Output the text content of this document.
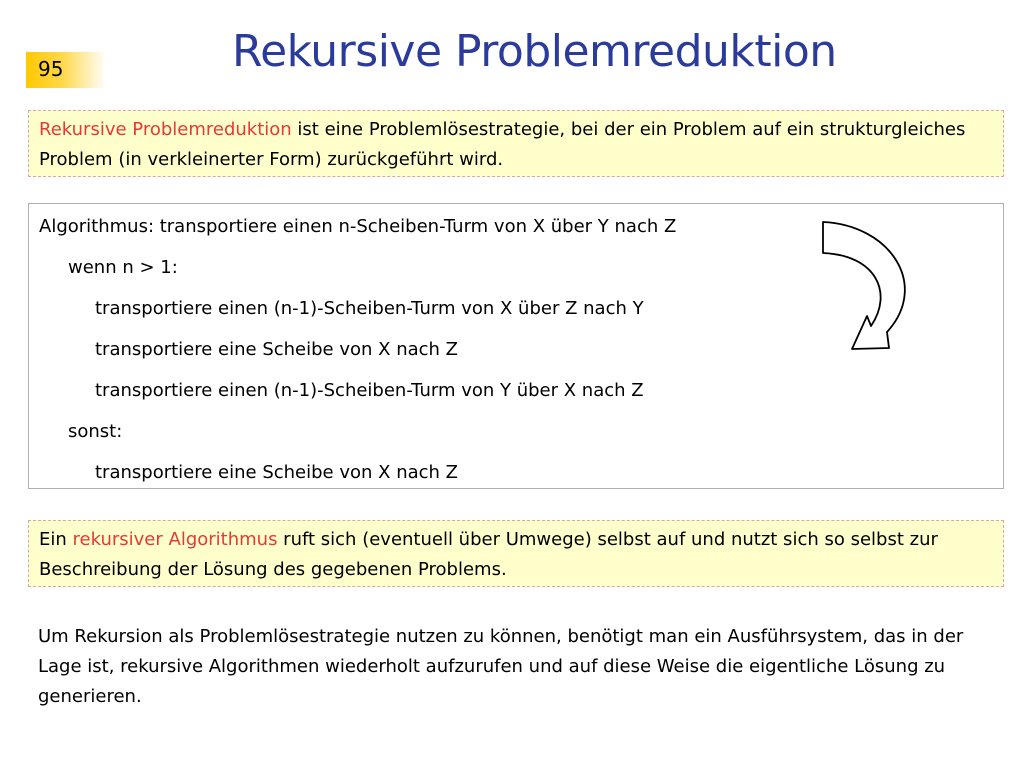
95	Rekursive Problemreduktion
Rekursive Problemreduktion ist eine Problemlösestrategie, bei der ein Problem auf ein strukturgleiches Problem (in verkleinerter Form) zurückgeführt wird.
Algorithmus: transportiere einen n-Scheiben-Turm von X über Y nach Z
wenn n > 1:
transportiere einen (n-1)-Scheiben-Turm von X über Z nach Y
transportiere eine Scheibe von X nach Z
transportiere einen (n-1)-Scheiben-Turm von Y über X nach Z
sonst:
transportiere eine Scheibe von X nach Z
Ein rekursiver Algorithmus ruft sich (eventuell über Umwege) selbst auf und nutzt sich so selbst zur Beschreibung der Lösung des gegebenen Problems.
Um Rekursion als Problemlösestrategie nutzen zu können, benötigt man ein Ausführsystem, das in der Lage ist, rekursive Algorithmen wiederholt aufzurufen und auf diese Weise die eigentliche Lösung zu generieren.
